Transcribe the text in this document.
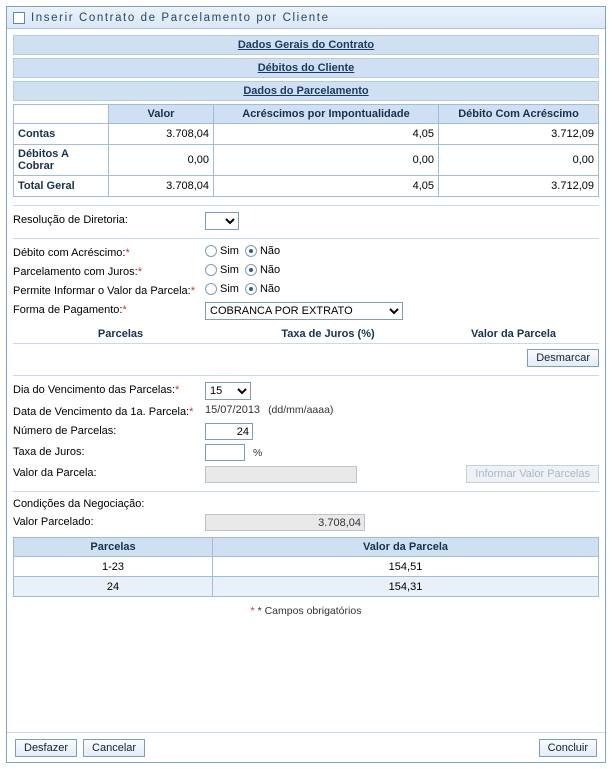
Inserir Contrato de Parcelamento por Cliente
Dados Gerais do Contrato
Débitos do Cliente
Dados do Parcelamento
	Valor	Acréscimos por Impontualidade	Débito Com Acréscimo
Contas	3.708,04	4,05	3.712,09
Débitos A Cobrar	0,00	0,00	0,00
Total Geral	3.708,04	4,05	3.712,09
Resolução de Diretoria:
Débito com Acréscimo:*	Sim Não
Parcelamento com Juros:*	Sim Não
Permite Informar o Valor da Parcela:*	Sim Não
Forma de Pagamento:*
COBRANCA POR EXTRATO
Parcelas	Taxa de Juros (%)	Valor da Parcela
Desmarcar
Dia do Vencimento das Parcelas:*
15
Data de Vencimento da 1a. Parcela:*	15/07/2013 (dd/mm/aaaa)
Número de Parcelas:
24
Taxa de Juros:	%
Valor da Parcela:	Informar Valor Parcelas
Condições da Negociação:
Valor Parcelado:
3.708,04
Parcelas	Valor da Parcela
1-23	154,51
24	154,31
* * Campos obrigatórios
Desfazer	Cancelar	Concluir
